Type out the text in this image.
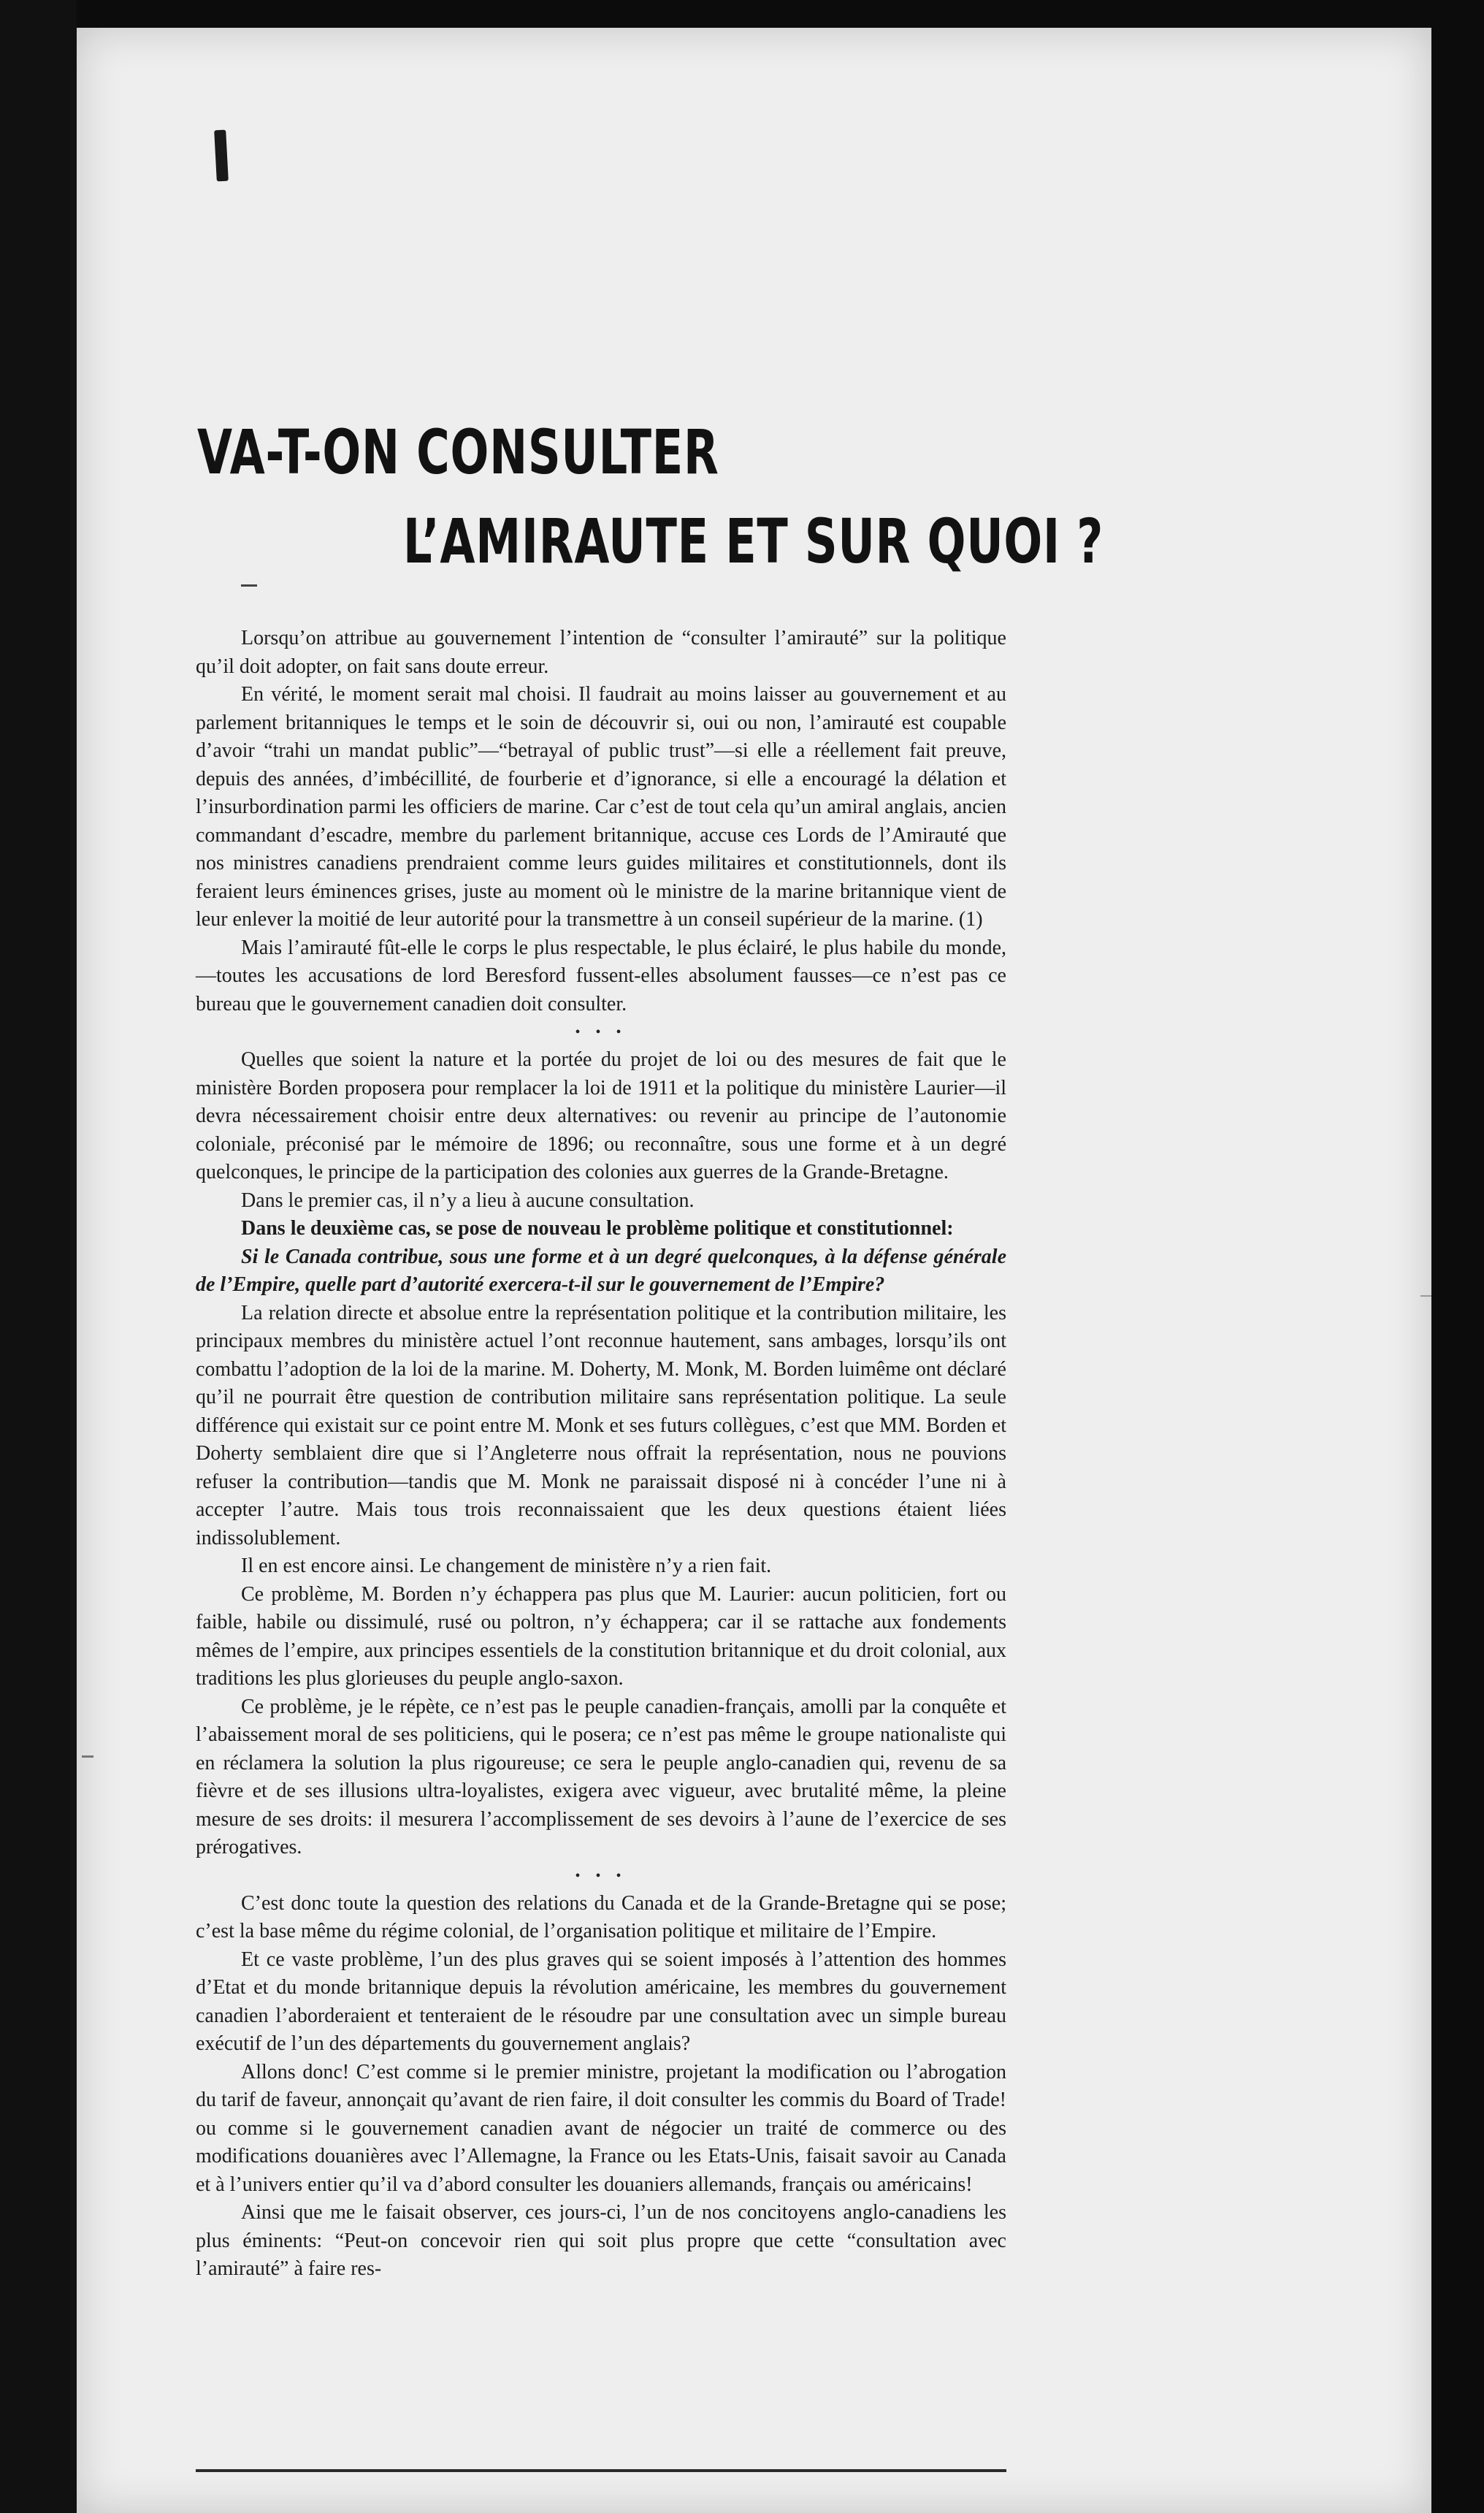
VA-T-ON CONSULTER
L’AMIRAUTE ET SUR QUOI ?

Lorsqu’on attribue au gouvernement l’intention de “consulter l’amirauté” sur la politique qu’il doit adopter, on fait sans doute erreur.

En vérité, le moment serait mal choisi. Il faudrait au moins laisser au gouvernement et au parlement britanniques le temps et le soin de découvrir si, oui ou non, l’amirauté est coupable d’avoir “trahi un mandat public”—“betrayal of public trust”—si elle a réellement fait preuve, depuis des années, d’imbécillité, de fourberie et d’ignorance, si elle a encouragé la délation et l’insurbordination parmi les officiers de marine. Car c’est de tout cela qu’un amiral anglais, ancien commandant d’escadre, membre du parlement britannique, accuse ces Lords de l’Amirauté que nos ministres canadiens prendraient comme leurs guides militaires et constitutionnels, dont ils feraient leurs éminences grises, juste au moment où le ministre de la marine britannique vient de leur enlever la moitié de leur autorité pour la transmettre à un conseil supérieur de la marine. (1)

Mais l’amirauté fût-elle le corps le plus respectable, le plus éclairé, le plus habile du monde,—toutes les accusations de lord Beresford fussent-elles absolument fausses—ce n’est pas ce bureau que le gouvernement canadien doit consulter.

• • •

Quelles que soient la nature et la portée du projet de loi ou des mesures de fait que le ministère Borden proposera pour remplacer la loi de 1911 et la politique du ministère Laurier—il devra nécessairement choisir entre deux alternatives: ou revenir au principe de l’autonomie coloniale, préconisé par le mémoire de 1896; ou reconnaître, sous une forme et à un degré quelconques, le principe de la participation des colonies aux guerres de la Grande-Bretagne.

Dans le premier cas, il n’y a lieu à aucune consultation.

Dans le deuxième cas, se pose de nouveau le problème politique et constitutionnel:

Si le Canada contribue, sous une forme et à un degré quelconques, à la défense générale de l’Empire, quelle part d’autorité exercera-t-il sur le gouvernement de l’Empire?

La relation directe et absolue entre la représentation politique et la contribution militaire, les principaux membres du ministère actuel l’ont reconnue hautement, sans ambages, lorsqu’ils ont combattu l’adoption de la loi de la marine. M. Doherty, M. Monk, M. Borden luimême ont déclaré qu’il ne pourrait être question de contribution militaire sans représentation politique. La seule différence qui existait sur ce point entre M. Monk et ses futurs collègues, c’est que MM. Borden et Doherty semblaient dire que si l’Angleterre nous offrait la représentation, nous ne pouvions refuser la contribution—tandis que M. Monk ne paraissait disposé ni à concéder l’une ni à accepter l’autre. Mais tous trois reconnaissaient que les deux questions étaient liées indissolublement.

Il en est encore ainsi. Le changement de ministère n’y a rien fait.

Ce problème, M. Borden n’y échappera pas plus que M. Laurier: aucun politicien, fort ou faible, habile ou dissimulé, rusé ou poltron, n’y échappera; car il se rattache aux fondements mêmes de l’empire, aux principes essentiels de la constitution britannique et du droit colonial, aux traditions les plus glorieuses du peuple anglo-saxon.

Ce problème, je le répète, ce n’est pas le peuple canadien-français, amolli par la conquête et l’abaissement moral de ses politiciens, qui le posera; ce n’est pas même le groupe nationaliste qui en réclamera la solution la plus rigoureuse; ce sera le peuple anglo-canadien qui, revenu de sa fièvre et de ses illusions ultra-loyalistes, exigera avec vigueur, avec brutalité même, la pleine mesure de ses droits: il mesurera l’accomplissement de ses devoirs à l’aune de l’exercice de ses prérogatives.

• • •

C’est donc toute la question des relations du Canada et de la Grande-Bretagne qui se pose; c’est la base même du régime colonial, de l’organisation politique et militaire de l’Empire.

Et ce vaste problème, l’un des plus graves qui se soient imposés à l’attention des hommes d’Etat et du monde britannique depuis la révolution américaine, les membres du gouvernement canadien l’aborderaient et tenteraient de le résoudre par une consultation avec un simple bureau exécutif de l’un des départements du gouvernement anglais?

Allons donc! C’est comme si le premier ministre, projetant la modification ou l’abrogation du tarif de faveur, annonçait qu’avant de rien faire, il doit consulter les commis du Board of Trade! ou comme si le gouvernement canadien avant de négocier un traité de commerce ou des modifications douanières avec l’Allemagne, la France ou les Etats-Unis, faisait savoir au Canada et à l’univers entier qu’il va d’abord consulter les douaniers allemands, français ou américains!

Ainsi que me le faisait observer, ces jours-ci, l’un de nos concitoyens anglo-canadiens les plus éminents: “Peut-on concevoir rien qui soit plus propre que cette “consultation avec l’amirauté” à faire res-
